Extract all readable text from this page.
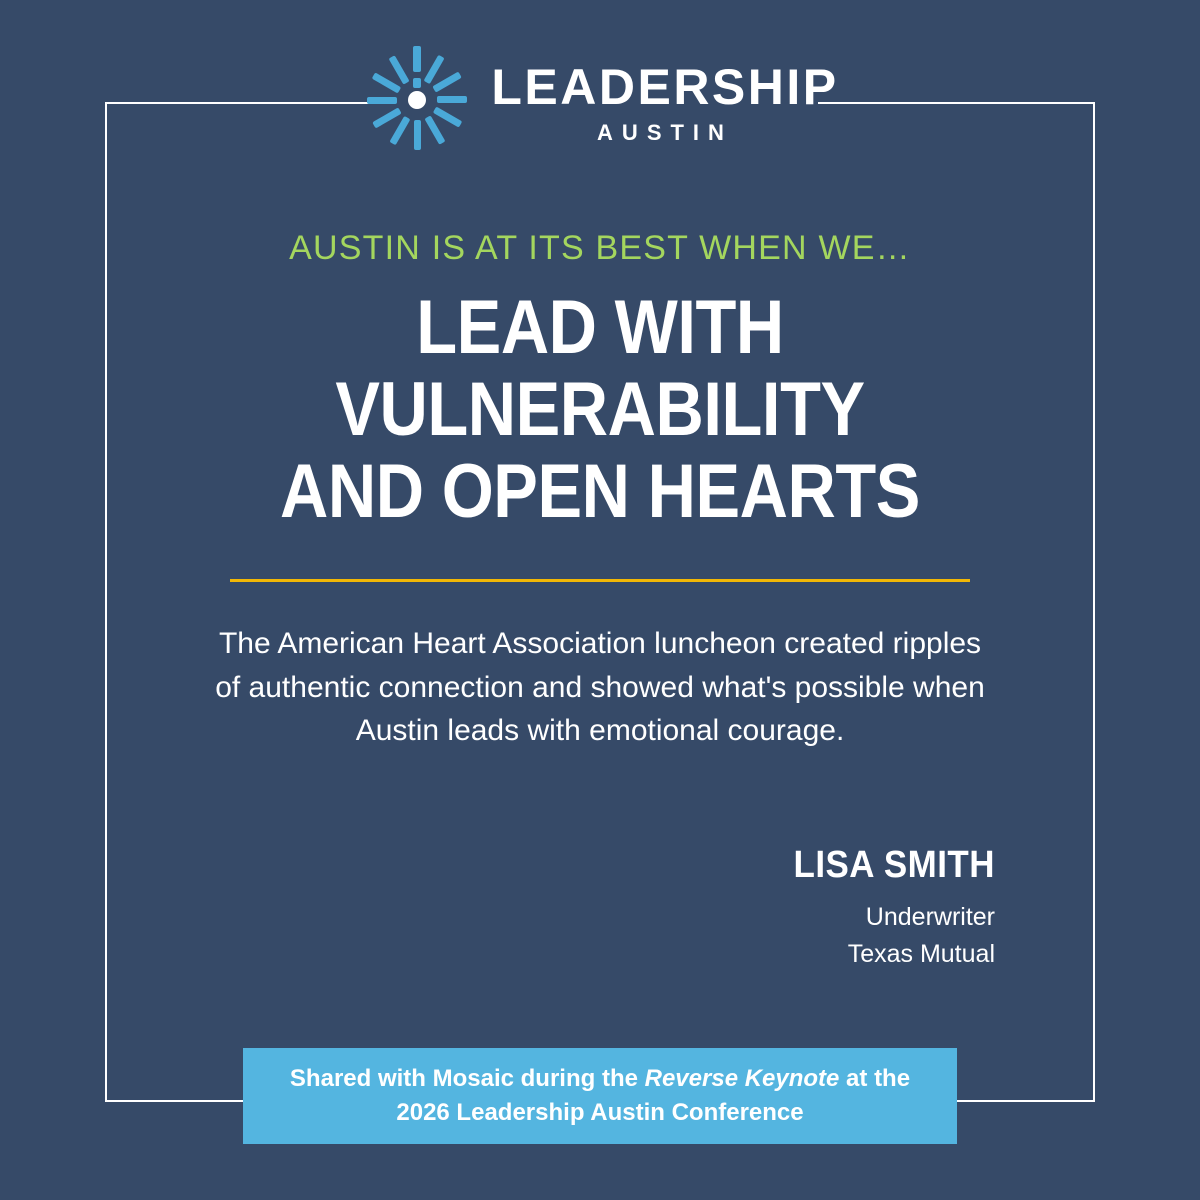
LEADERSHIP
AUSTIN

AUSTIN IS AT ITS BEST WHEN WE…

LEAD WITH VULNERABILITY
AND OPEN HEARTS

The American Heart Association luncheon created ripples of authentic connection and showed what's possible when Austin leads with emotional courage.

LISA SMITH
Underwriter
Texas Mutual
Shared with Mosaic during the Reverse Keynote at the
2026 Leadership Austin Conference
